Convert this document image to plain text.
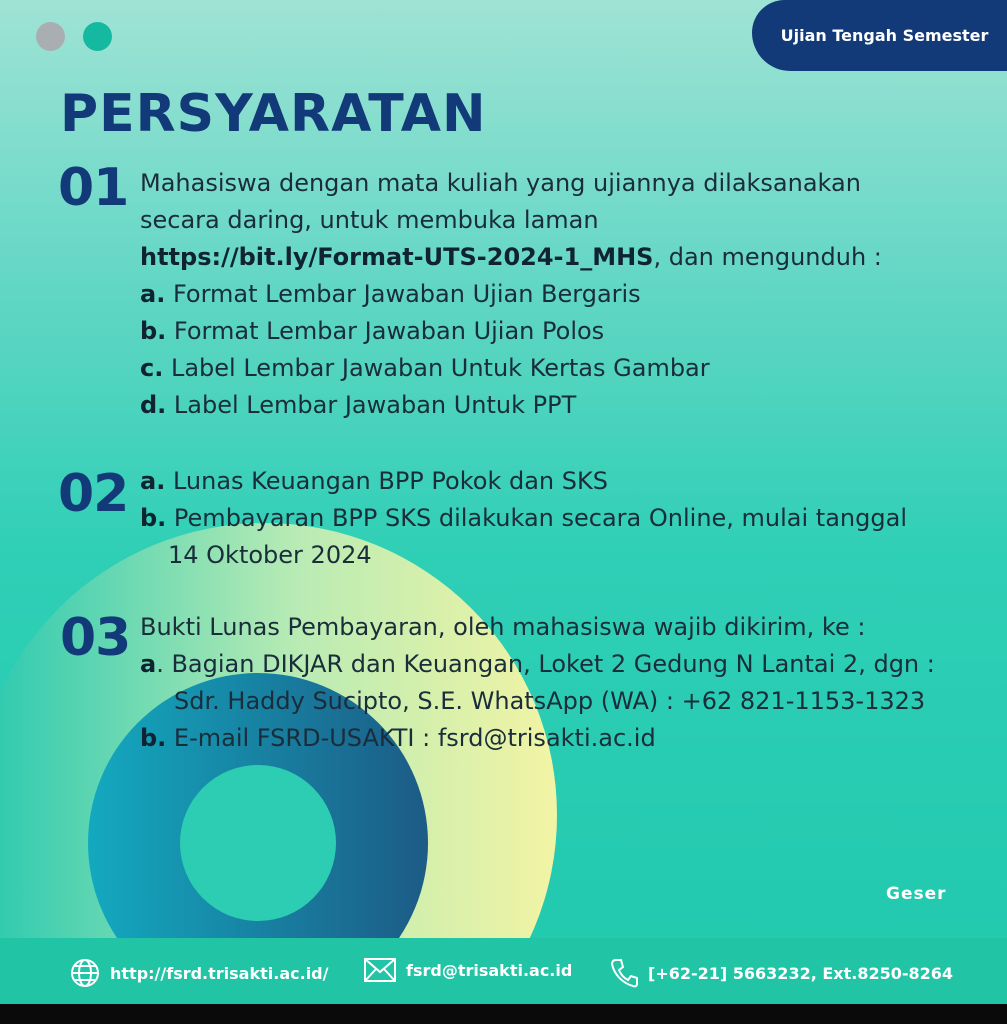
Ujian Tengah Semester
PERSYARATAN
01 Mahasiswa dengan mata kuliah yang ujiannya dilaksanakan
secara daring, untuk membuka laman
https://bit.ly/Format-UTS-2024-1_MHS, dan mengunduh :
a. Format Lembar Jawaban Ujian Bergaris
b. Format Lembar Jawaban Ujian Polos
c. Label Lembar Jawaban Untuk Kertas Gambar
d. Label Lembar Jawaban Untuk PPT
02 a. Lunas Keuangan BPP Pokok dan SKS
b. Pembayaran BPP SKS dilakukan secara Online, mulai tanggal
14 Oktober 2024
03 Bukti Lunas Pembayaran, oleh mahasiswa wajib dikirim, ke :
a. Bagian DIKJAR dan Keuangan, Loket 2 Gedung N Lantai 2, dgn :
Sdr. Haddy Sucipto, S.E. WhatsApp (WA) : +62 821-1153-1323
b. E-mail FSRD-USAKTI : fsrd@trisakti.ac.id
Geser
http://fsrd.trisakti.ac.id/	fsrd@trisakti.ac.id	[+62-21] 5663232, Ext.8250-8264
